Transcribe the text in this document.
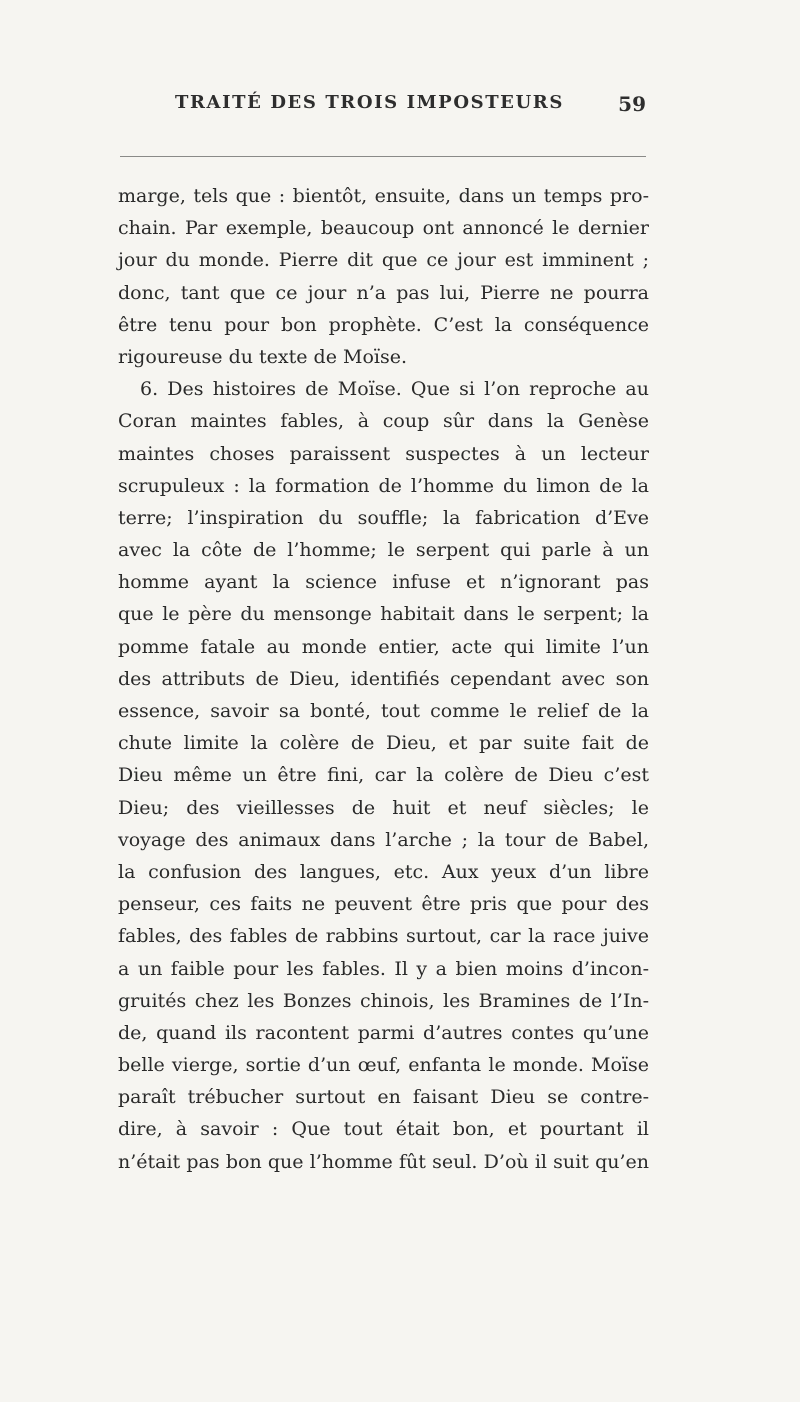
TRAITÉ DES TROIS IMPOSTEURS	59
marge, tels que : bientôt, ensuite, dans un temps pro-
chain. Par exemple, beaucoup ont annoncé le dernier
jour du monde. Pierre dit que ce jour est imminent ;
donc, tant que ce jour n’a pas lui, Pierre ne pourra
être tenu pour bon prophète. C’est la conséquence
rigoureuse du texte de Moïse.
6. Des histoires de Moïse. Que si l’on reproche au
Coran maintes fables, à coup sûr dans la Genèse
maintes choses paraissent suspectes à un lecteur
scrupuleux : la formation de l’homme du limon de la
terre; l’inspiration du souffle; la fabrication d’Eve
avec la côte de l’homme; le serpent qui parle à un
homme ayant la science infuse et n’ignorant pas
que le père du mensonge habitait dans le serpent; la
pomme fatale au monde entier, acte qui limite l’un
des attributs de Dieu, identifiés cependant avec son
essence, savoir sa bonté, tout comme le relief de la
chute limite la colère de Dieu, et par suite fait de
Dieu même un être fini, car la colère de Dieu c’est
Dieu; des vieillesses de huit et neuf siècles; le
voyage des animaux dans l’arche ; la tour de Babel,
la confusion des langues, etc. Aux yeux d’un libre
penseur, ces faits ne peuvent être pris que pour des
fables, des fables de rabbins surtout, car la race juive
a un faible pour les fables. Il y a bien moins d’incon-
gruités chez les Bonzes chinois, les Bramines de l’In-
de, quand ils racontent parmi d’autres contes qu’une
belle vierge, sortie d’un œuf, enfanta le monde. Moïse
paraît trébucher surtout en faisant Dieu se contre-
dire, à savoir : Que tout était bon, et pourtant il
n’était pas bon que l’homme fût seul. D’où il suit qu’en
